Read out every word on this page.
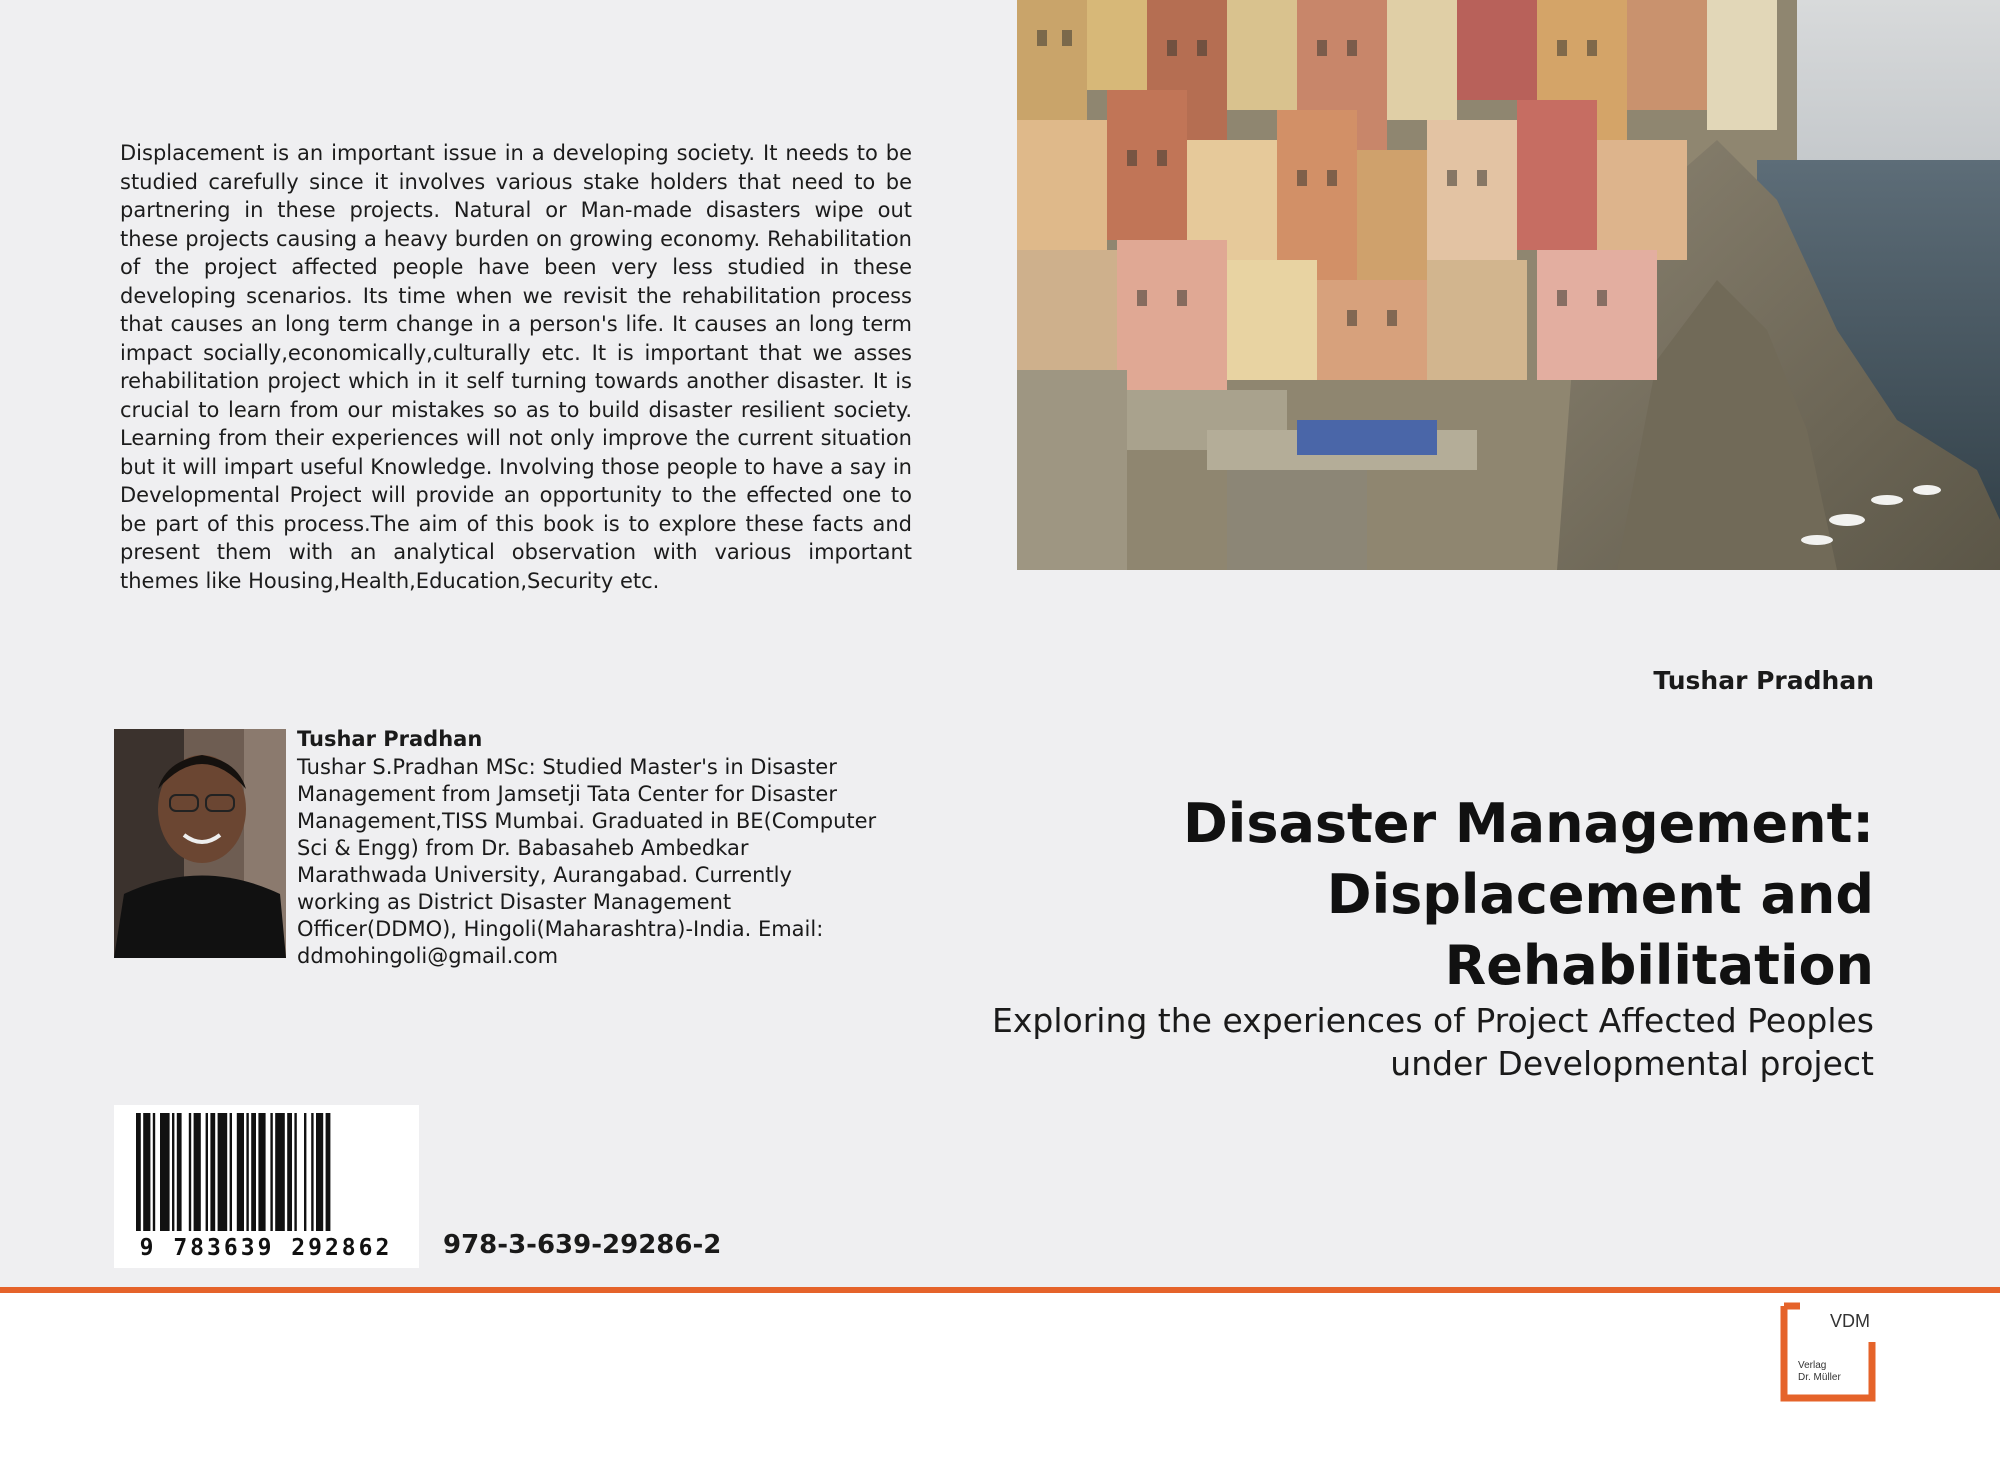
Displacement is an important issue in a developing society. It needs to be studied carefully since it involves various stake holders that need to be partnering in these projects. Natural or Man-made disasters wipe out these projects causing a heavy burden on growing economy. Rehabilitation of the project affected people have been very less studied in these developing scenarios. Its time when we revisit the rehabilitation process that causes an long term change in a person's life. It causes an long term impact socially,economically,culturally etc. It is important that we asses rehabilitation project which in it self turning towards another disaster. It is crucial to learn from our mistakes so as to build disaster resilient society. Learning from their experiences will not only improve the current situation but it will impart useful Knowledge. Involving those people to have a say in Developmental Project will provide an opportunity to the effected one to be part of this process.The aim of this book is to explore these facts and present them with an analytical observation with various important themes like Housing,Health,Education,Security etc.

Tushar Pradhan
Tushar Pradhan
Tushar S.Pradhan MSc: Studied Master's in Disaster Management from Jamsetji Tata Center for Disaster Management,TISS Mumbai. Graduated in BE(Computer Sci & Engg) from Dr. Babasaheb Ambedkar Marathwada University, Aurangabad. Currently working as District Disaster Management Officer(DDMO), Hingoli(Maharashtra)-India. Email: ddmohingoli@gmail.com
Disaster Management: Displacement and Rehabilitation
Exploring the experiences of Project Affected Peoples under Developmental project
9 783639 292862 978-3-639-29286-2
VDM
Verlag
Dr. Müller
